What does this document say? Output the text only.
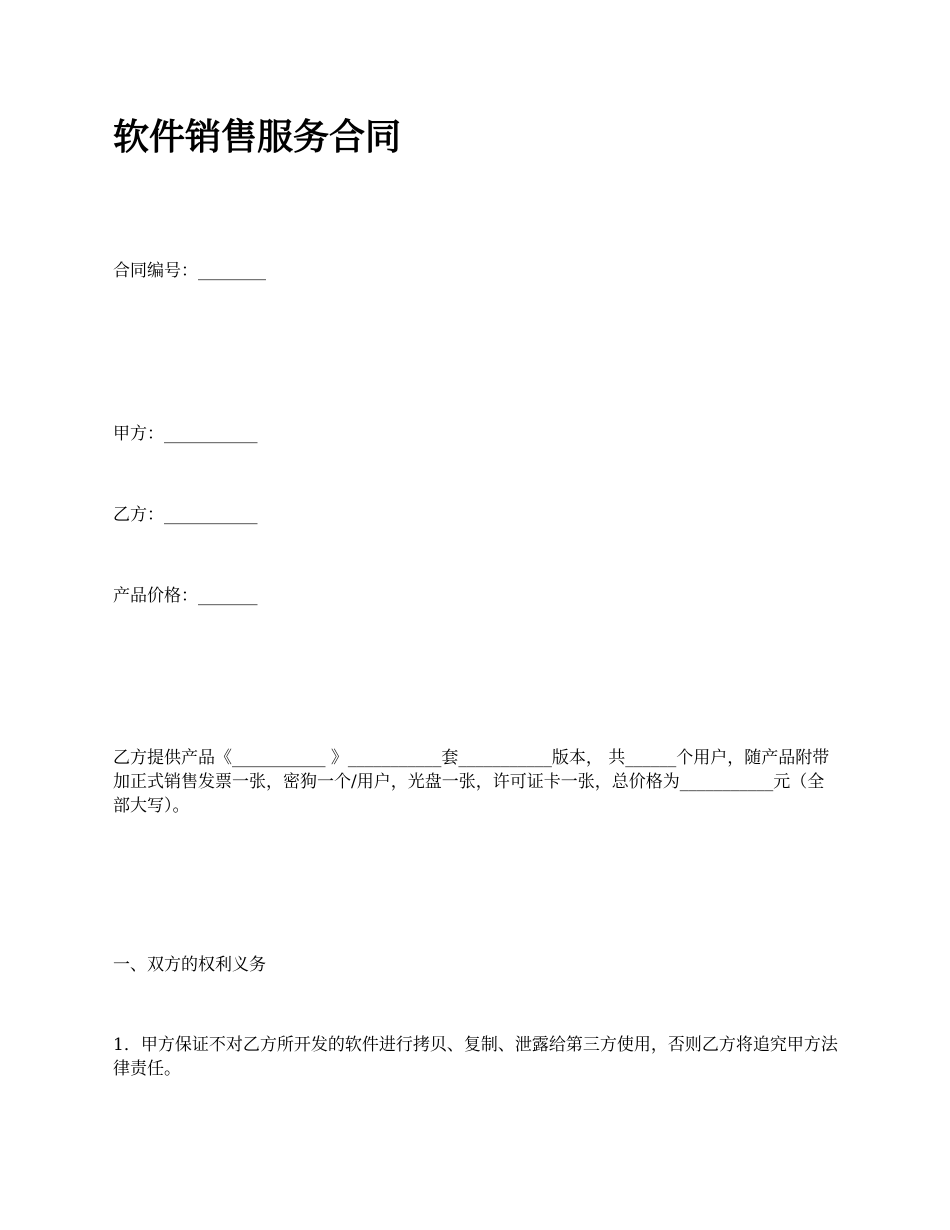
软件销售服务合同

合同编号：________

甲方：___________

乙方：___________

产品价格：_______

乙方提供产品《___________ 》___________套___________版本， 共______个用户，随产品附带加正式销售发票一张，密狗一个/用户，光盘一张，许可证卡一张，总价格为___________元（全部大写）。

一、双方的权利义务

1．甲方保证不对乙方所开发的软件进行拷贝、复制、泄露给第三方使用，否则乙方将追究甲方法律责任。
